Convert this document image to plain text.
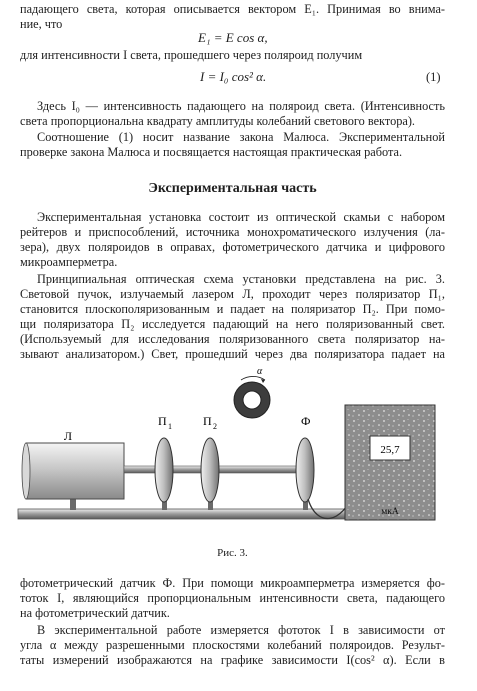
падающего света, которая описывается вектором E₁. Принимая во внима-

ние, что

E₁ = E cos α,

для интенсивности I света, прошедшего через поляроид получим

I = I₀ cos² α.	(1)

Здесь I₀ — интенсивность падающего на поляроид света. (Интенсивность

света пропорциональна квадрату амплитуды колебаний светового вектора).

Соотношение (1) носит название закона Малюса. Экспериментальной

проверке закона Малюса и посвящается настоящая практическая работа.

Экспериментальная часть

Экспериментальная установка состоит из оптической скамьи с набором

рейтеров и приспособлений, источника монохроматического излучения (ла-

зера), двух поляроидов в оправах, фотометрического датчика и цифрового

микроамперметра.

Принципиальная оптическая схема установки представлена на рис. 3.

Световой пучок, излучаемый лазером Л, проходит через поляризатор П₁,

становится плоскополяризованным и падает на поляризатор П₂. При помо-

щи поляризатора П₂ исследуется падающий на него поляризованный свет.

(Используемый для исследования поляризованного света поляризатор на-

зывают анализатором.) Свет, прошедший через два поляризатора падает на

Л
П 1	П 2	Ф
α
25,7
мкА

Рис. 3.

фотометрический датчик Ф. При помощи микроамперметра измеряется фо-

тоток I, являющийся пропорциональным интенсивности света, падающего

на фотометрический датчик.

В экспериментальной работе измеряется фототок I в зависимости от

угла α между разрешенными плоскостями колебаний поляроидов. Результ-

таты измерений изображаются на графике зависимости I(cos² α). Если в
